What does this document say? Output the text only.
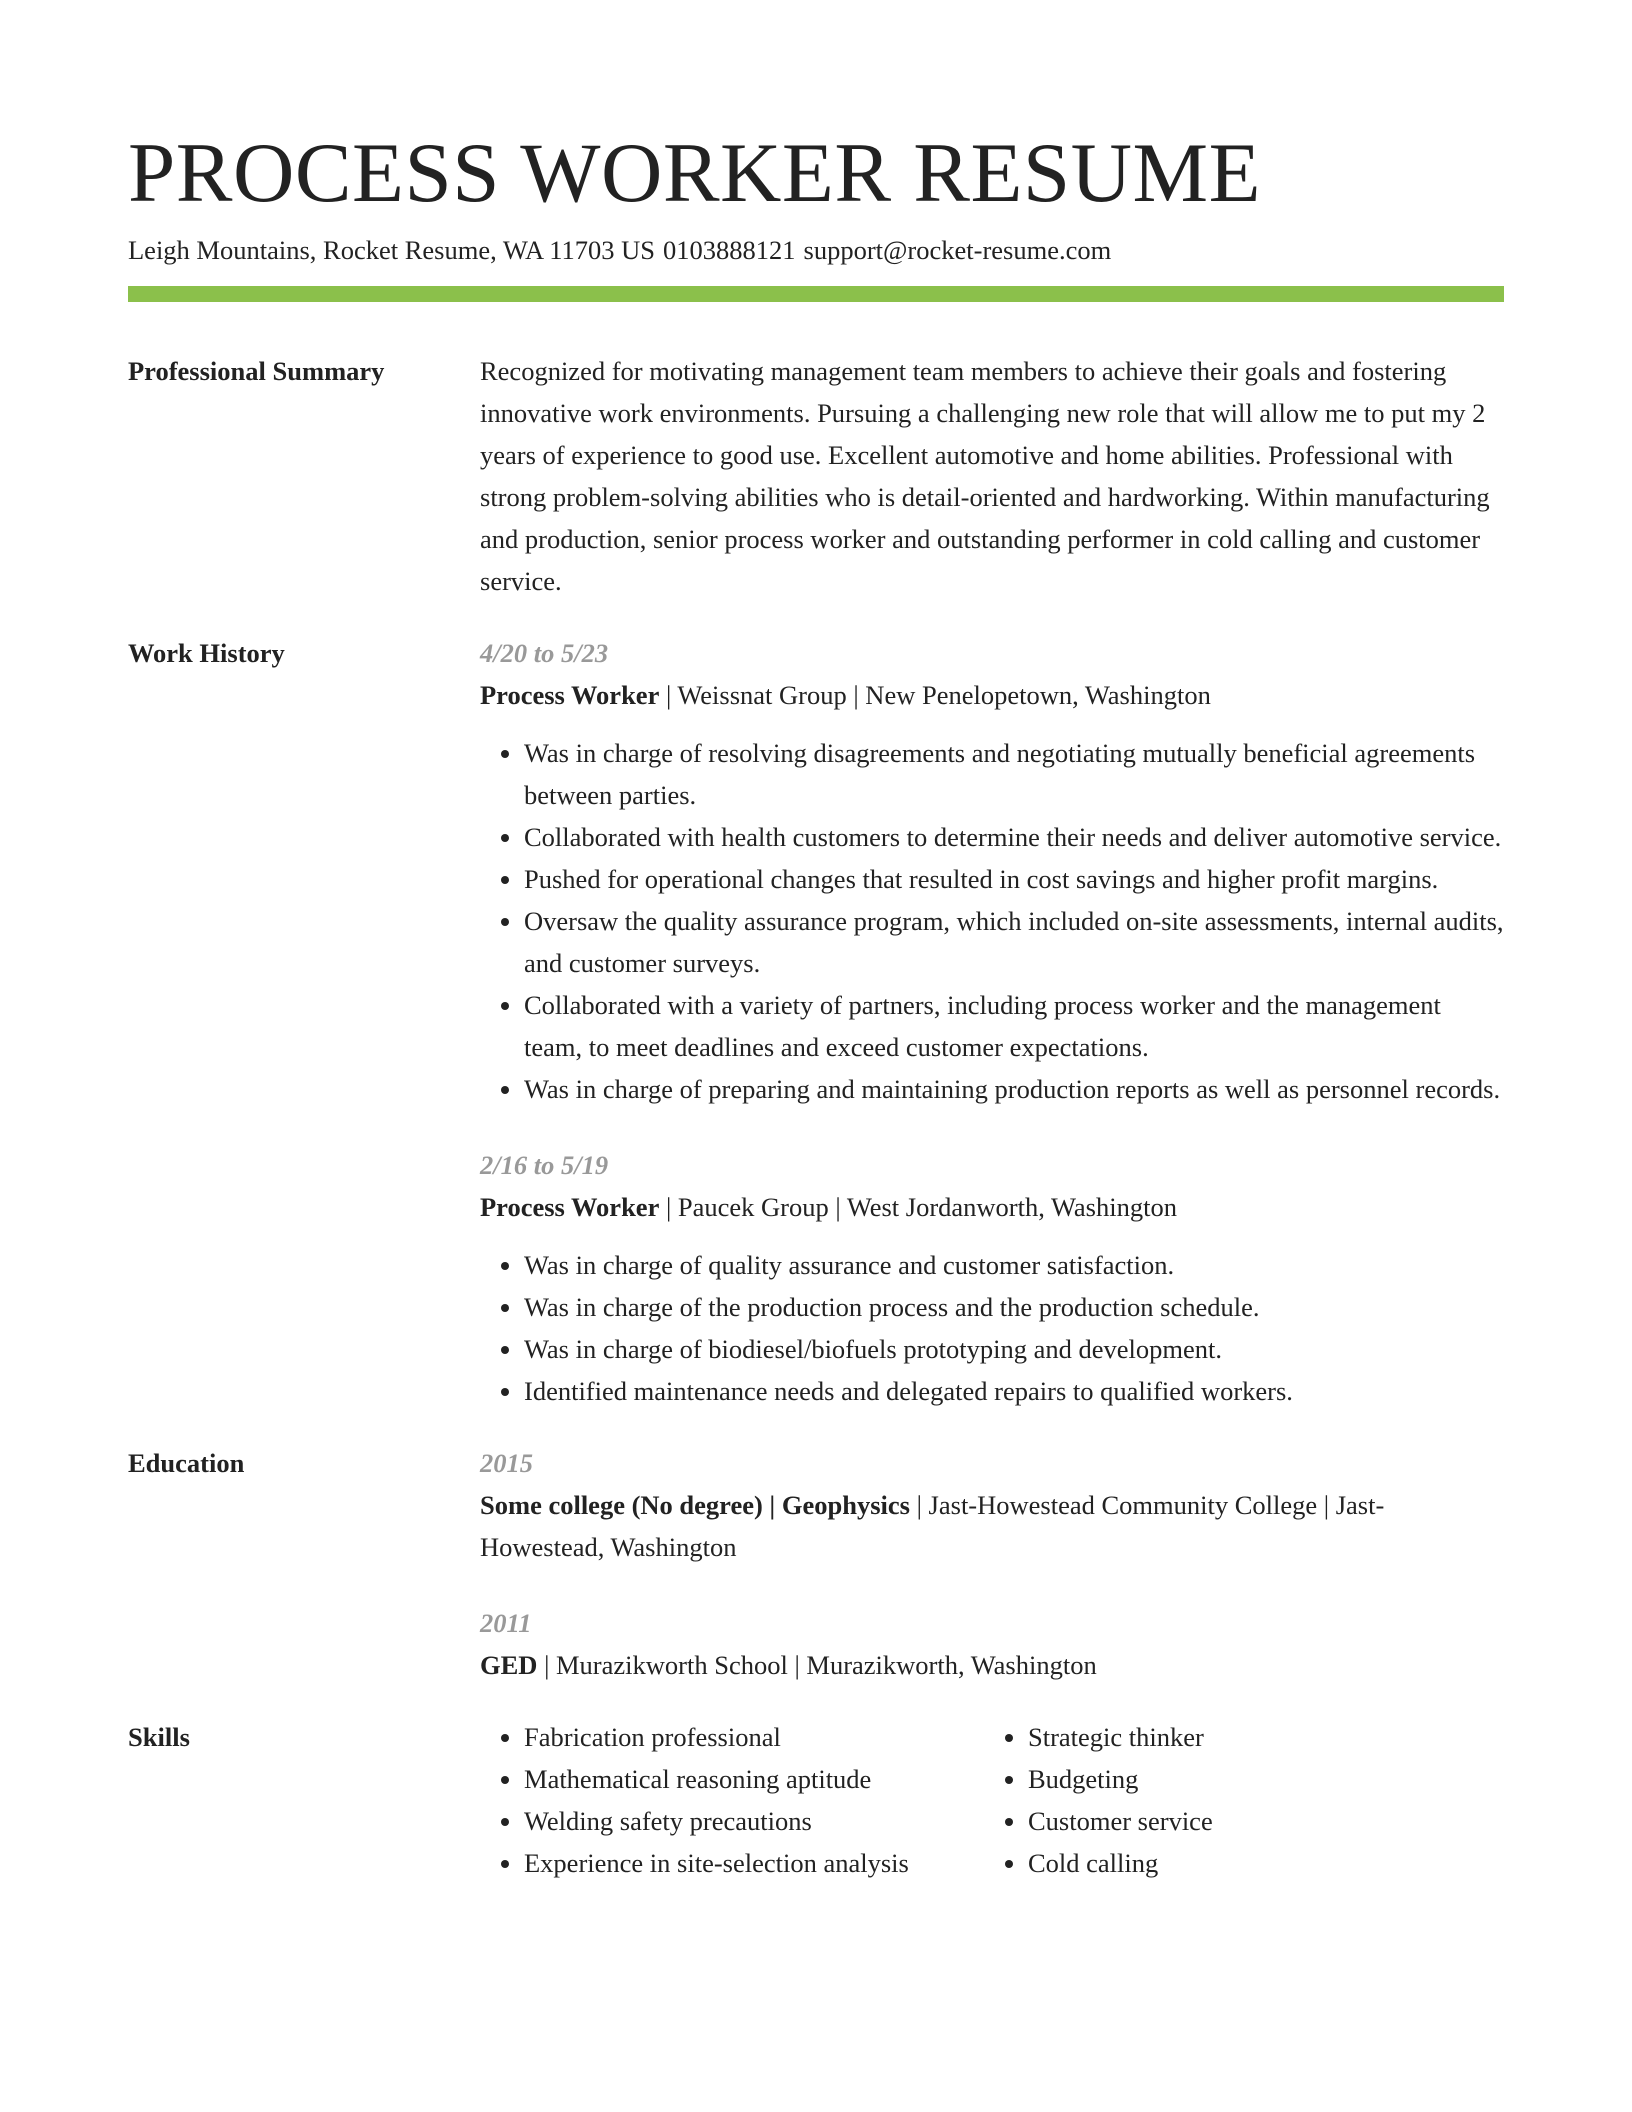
PROCESS WORKER RESUME
Leigh Mountains, Rocket Resume, WA 11703 US 0103888121 support@rocket-resume.com
Professional Summary	Recognized for motivating management team members to achieve their goals and fostering innovative work environments. Pursuing a challenging new role that will allow me to put my 2 years of experience to good use. Excellent automotive and home abilities. Professional with strong problem-solving abilities who is detail-oriented and hardworking. Within manufacturing and production, senior process worker and outstanding performer in cold calling and customer service.

Work History	4/20 to 5/23
Process Worker | Weissnat Group | New Penelopetown, Washington
• Was in charge of resolving disagreements and negotiating mutually beneficial agreements between parties.
• Collaborated with health customers to determine their needs and deliver automotive service.
• Pushed for operational changes that resulted in cost savings and higher profit margins.
• Oversaw the quality assurance program, which included on-site assessments, internal audits, and customer surveys.
• Collaborated with a variety of partners, including process worker and the management team, to meet deadlines and exceed customer expectations.
• Was in charge of preparing and maintaining production reports as well as personnel records.
2/16 to 5/19
Process Worker | Paucek Group | West Jordanworth, Washington
• Was in charge of quality assurance and customer satisfaction.
• Was in charge of the production process and the production schedule.
• Was in charge of biodiesel/biofuels prototyping and development.
• Identified maintenance needs and delegated repairs to qualified workers.
Education	2015
Some college (No degree) | Geophysics | Jast-Howestead Community College | Jast-Howestead, Washington
2011
GED | Murazikworth School | Murazikworth, Washington
Skills
•	Fabrication professional
• Mathematical reasoning aptitude
• Welding safety precautions
• Experience in site-selection analysis
• Strategic thinker
• Budgeting
• Customer service
• Cold calling
